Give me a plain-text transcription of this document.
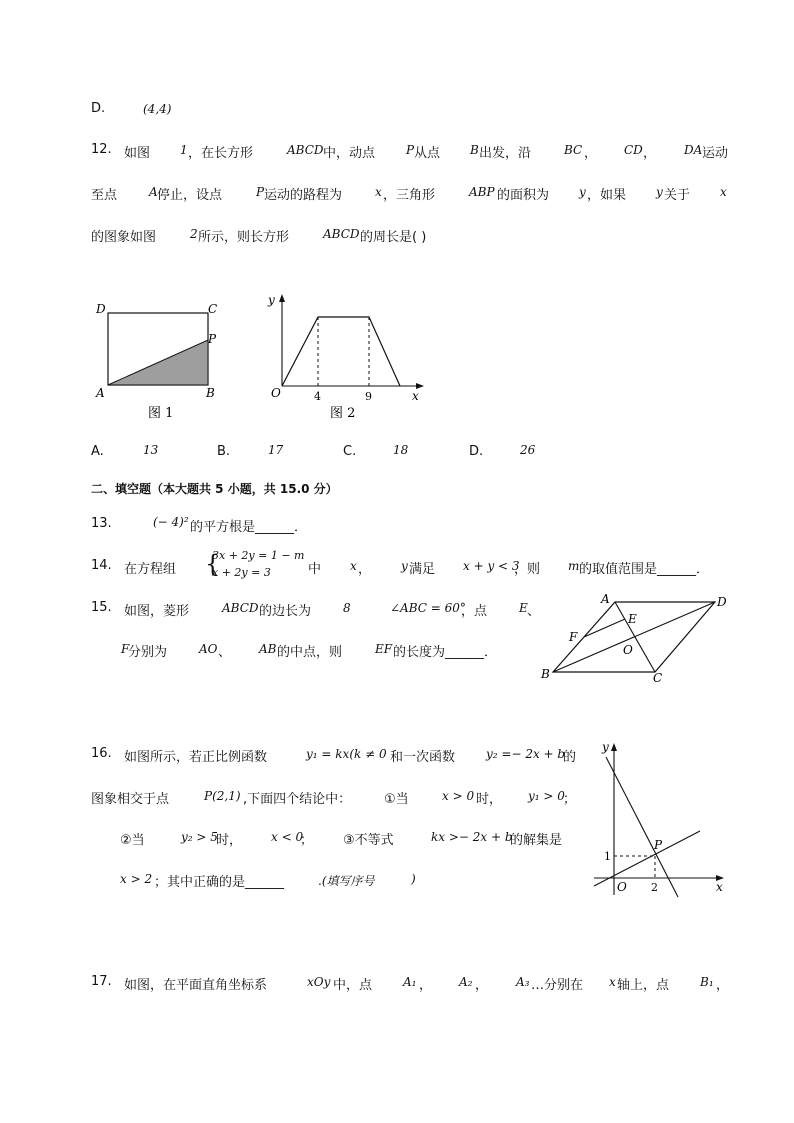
D.	(4,4)
12. 如图 1 ，在长方形	ABCD 中，动点	P 从点 B 出发，沿	BC ， CD ， DA 运动
至点	A 停止，设点	P 运动的路程为	x ，三角形	ABP 的面积为 y ，如果 y 关于 x
的图象如图	2 所示，则长方形	ABCD 的周长是( )
D	C
P
A	B
图 1
y
O	4	9	x
图 2
A.	13	B.	17	C.	18	D.	26
二、填空题（本大题共 5 小题，共 15.0 分）
13.	(− 4)² 的平方根是______．
14. 在方程组 {
3x + 2y = 1 − m
x + 2y = 3	中 x ， y 满足 x + y < 3
，则 m 的取值范围是______．
15. 如图，菱形	ABCD 的边长为	8	∠ABC = 60°
，点	E 、
F
分别为	AO 、 AB 的中点，则	EF 的长度为______．
A	D
F
E
O
B	C
16. 如图所示，若正比例函数	y₁ = kx(k ≠ 0 和一次函数	y₂ =− 2x + b
的
图象相交于点	P(2,1) ,下面四个结论中：	①当	x > 0 时， y₁ > 0
；
②当	y₂ > 5
时， x < 0
； ③不等式	kx >− 2x + b
的解集是
x > 2 ；其中正确的是______	.(填写序号	)
y
x
O
P
1
2
17. 如图，在平面直角坐标系	xOy 中，点	A₁ ， A₂ ， A₃ …分别在 x 轴上，点	B₁ ，
